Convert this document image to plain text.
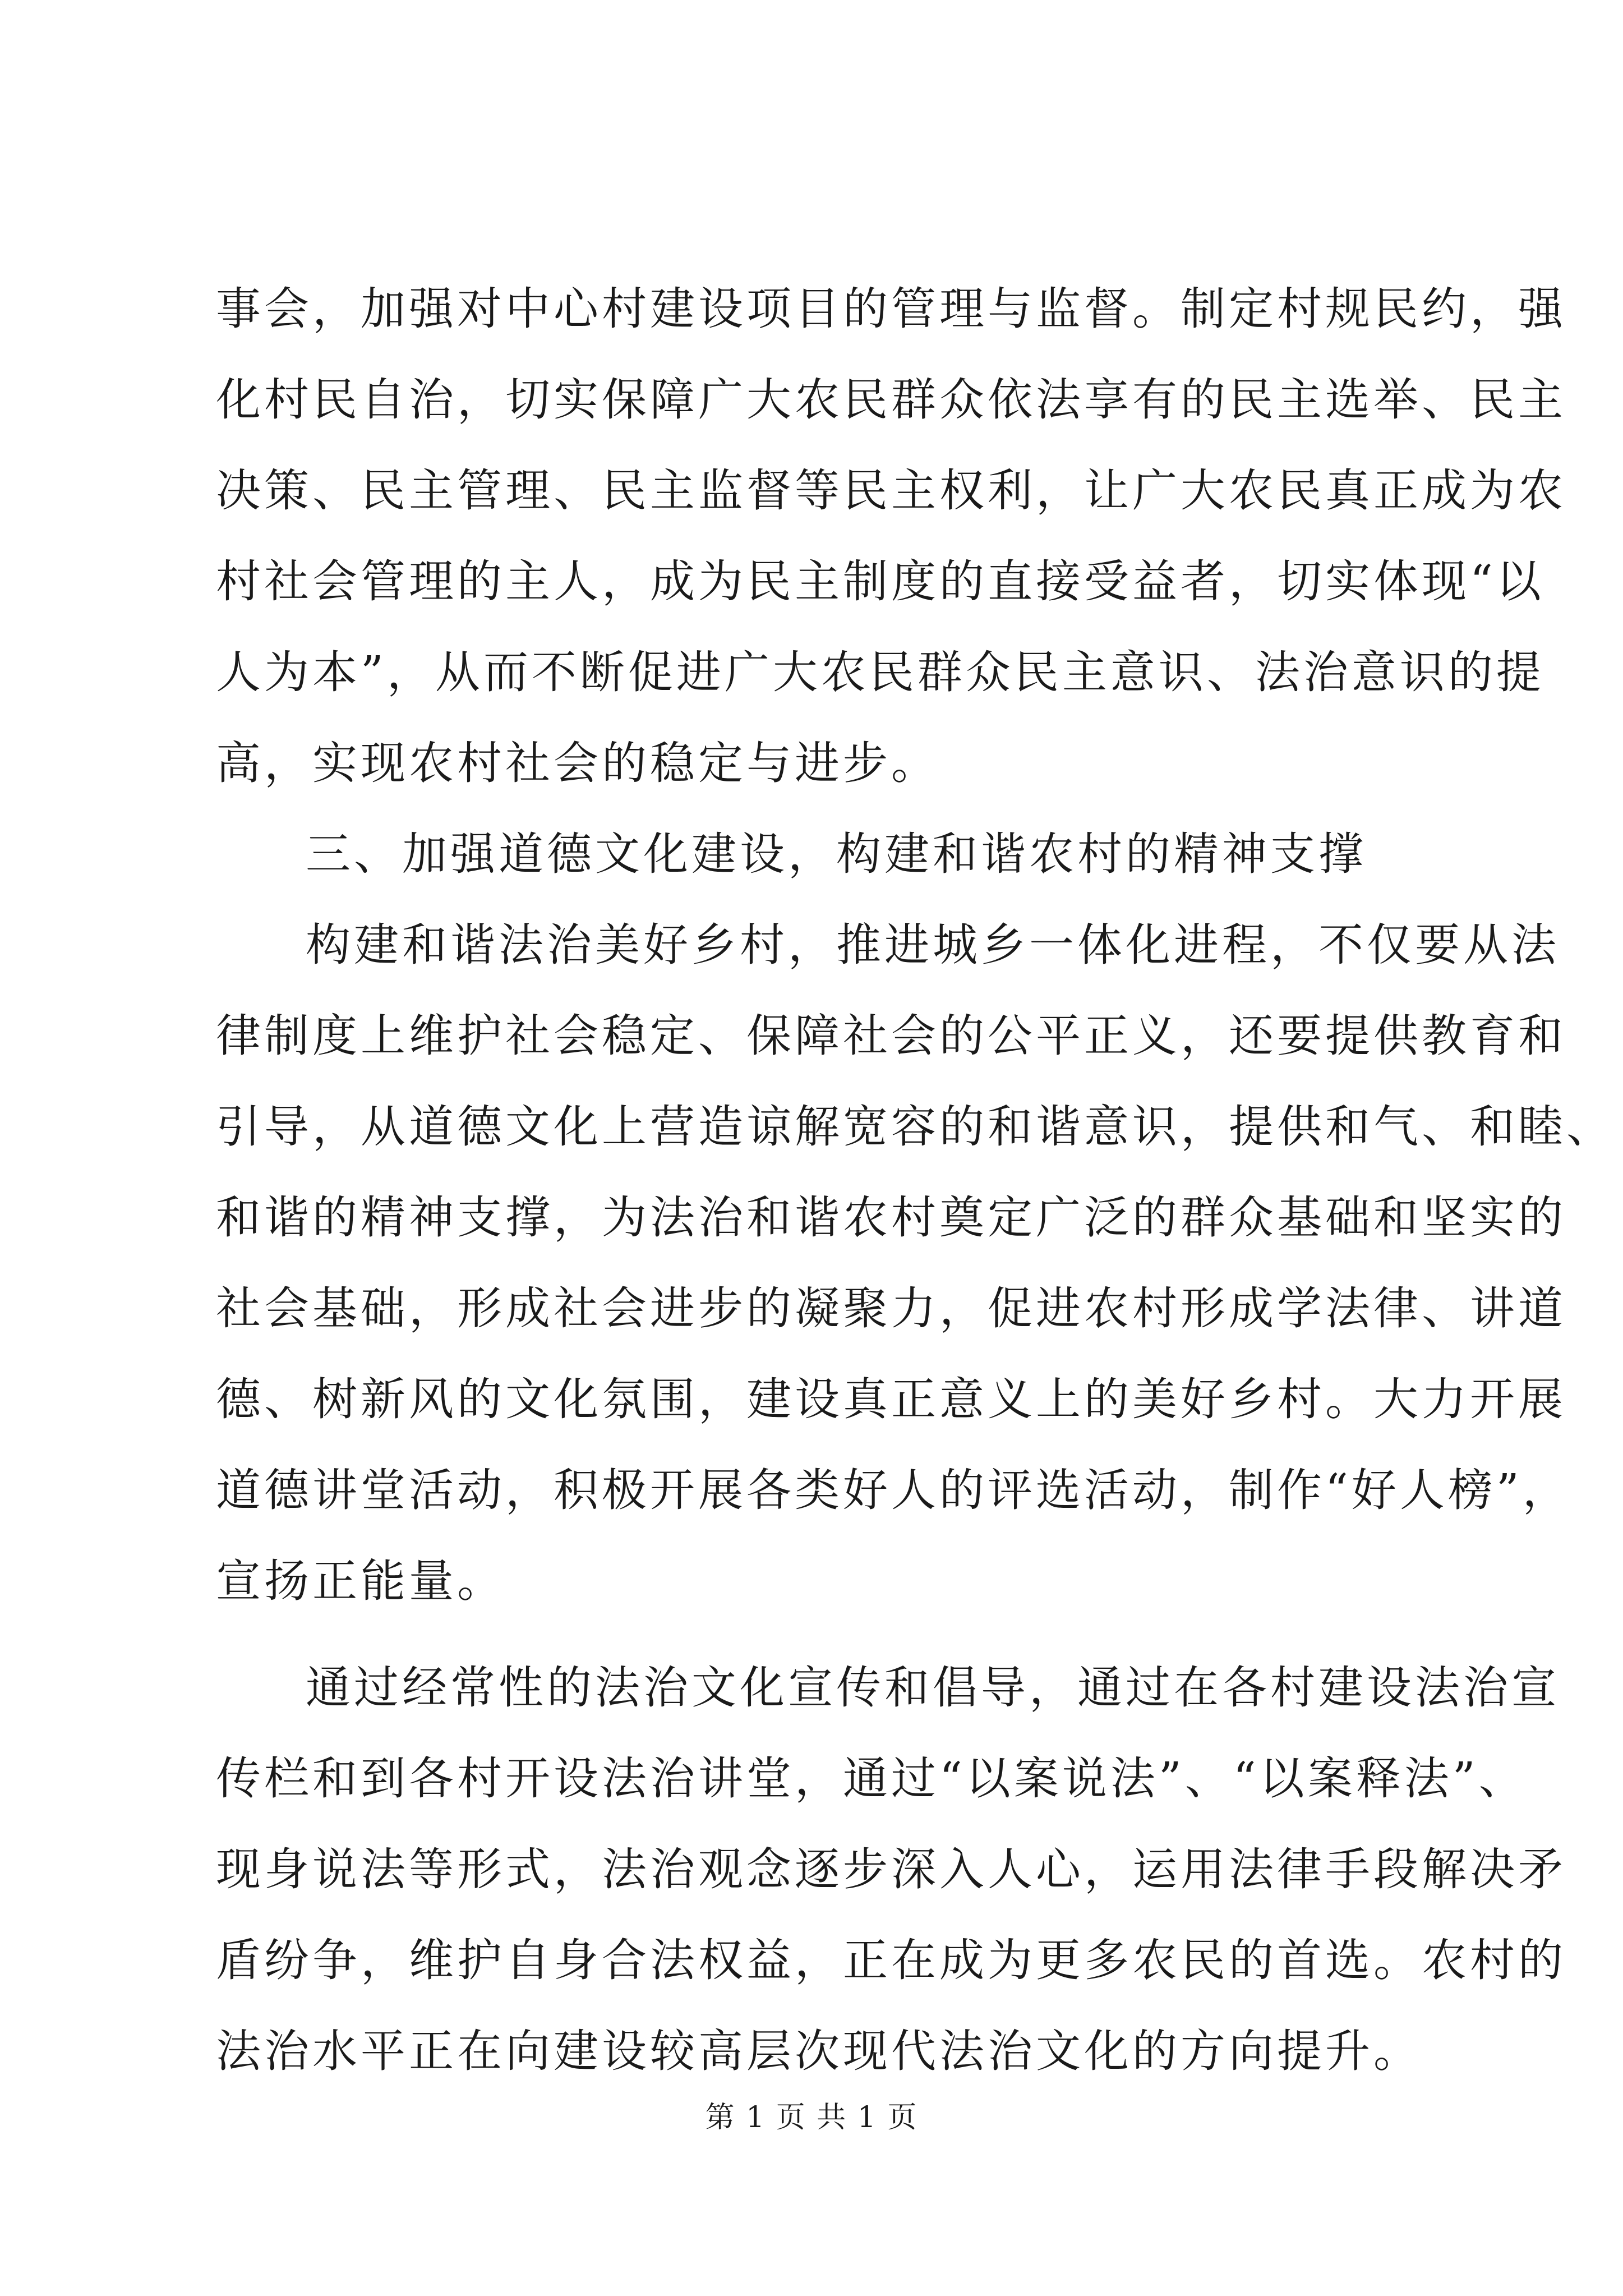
事会，加强对中心村建设项目的管理与监督。制定村规民约，强
化村民自治，切实保障广大农民群众依法享有的民主选举、民主
决策、民主管理、民主监督等民主权利，让广大农民真正成为农
村社会管理的主人，成为民主制度的直接受益者，切实体现“以
人为本”，从而不断促进广大农民群众民主意识、法治意识的提
高，实现农村社会的稳定与进步。
三、加强道德文化建设，构建和谐农村的精神支撑
构建和谐法治美好乡村，推进城乡一体化进程，不仅要从法
律制度上维护社会稳定、保障社会的公平正义，还要提供教育和
引导，从道德文化上营造谅解宽容的和谐意识，提供和气、和睦、
和谐的精神支撑，为法治和谐农村奠定广泛的群众基础和坚实的
社会基础，形成社会进步的凝聚力，促进农村形成学法律、讲道
德、树新风的文化氛围，建设真正意义上的美好乡村。大力开展
道德讲堂活动，积极开展各类好人的评选活动，制作“好人榜”，
宣扬正能量。
通过经常性的法治文化宣传和倡导，通过在各村建设法治宣
传栏和到各村开设法治讲堂，通过“以案说法”、“以案释法”、
现身说法等形式，法治观念逐步深入人心，运用法律手段解决矛
盾纷争，维护自身合法权益，正在成为更多农民的首选。农村的
法治水平正在向建设较高层次现代法治文化的方向提升。
第 1 页 共 1 页
